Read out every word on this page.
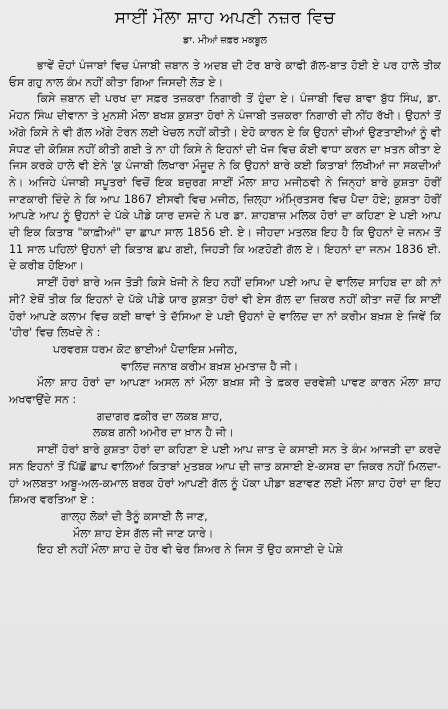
ਸਾਈਂ ਮੌਲਾ ਸ਼ਾਹ ਅਪਣੀ ਨਜ਼ਰ ਵਿਚ
ਡਾ. ਮੀਆਂ ਜ਼ਫ਼ਰ ਮਕਬੂਲ

ਭਾਵੇਂ ਦੋਹਾਂ ਪੰਜਾਬਾਂ ਵਿਚ ਪੰਜਾਬੀ ਜ਼ਬਾਨ ਤੇ ਅਦਬ ਦੀ ਟੋਰ ਬਾਰੇ ਕਾਫੀ ਗੱਲ-ਬਾਤ ਹੋਈ ਏ ਪਰ ਹਾਲੇ ਤੀਕ ਓਸ ਗਹੁ ਨਾਲ ਕੰਮ ਨਹੀਂ ਕੀਤਾ ਗਿਆ ਜਿਸਦੀ ਲੋੜ ਏ।

ਕਿਸੇ ਜ਼ਬਾਨ ਦੀ ਪਰਖ ਦਾ ਸਫ਼ਰ ਤਜ਼ਕਰਾ ਨਿਗਾਰੀ ਤੋਂ ਹੁੰਦਾ ਏ। ਪੰਜਾਬੀ ਵਿਚ ਬਾਵਾ ਬੁੱਧ ਸਿੰਘ, ਡਾ. ਮੋਹਨ ਸਿੰਘ ਦੀਵਾਨਾ ਤੇ ਮੁਨਸ਼ੀ ਮੌਲਾ ਬਖਸ਼ ਕੁਸ਼ਤਾ ਹੋਰਾਂ ਨੇ ਪੰਜਾਬੀ ਤਜ਼ਕਰਾ ਨਿਗਾਰੀ ਦੀ ਨੀਂਹ ਰੱਖੀ। ਉਹਨਾਂ ਤੋਂ ਅੱਗੇ ਕਿਸੇ ਨੇ ਵੀ ਗੱਲ ਅੱਗੇ ਟੋਰਨ ਲਈ ਖੇਚਲ ਨਹੀਂ ਕੀਤੀ। ਏਹੋ ਕਾਰਨ ਏ ਕਿ ਉਹਨਾਂ ਦੀਆਂ ਉਣਤਾਈਆਂ ਨੂੰ ਵੀ ਸੋਧਣ ਦੀ ਕੋਸ਼ਿਸ਼ ਨਹੀਂ ਕੀਤੀ ਗਈ ਤੇ ਨਾ ਹੀ ਕਿਸੇ ਨੇ ਇਹਨਾਂ ਦੀ ਖੋਜ ਵਿਚ ਕੋਈ ਵਾਧਾ ਕਰਨ ਦਾ ਖ਼ਤਨ ਕੀਤਾ ਏ ਜਿਸ ਕਰਕੇ ਹਾਲੇ ਵੀ ਏਨੇ 'ਕੁ ਪੰਜਾਬੀ ਲਿਖਾਰਾ ਮੌਜੂਦ ਨੇ ਕਿ ਉਹਨਾਂ ਬਾਰੇ ਕਈ ਕਿਤਾਬਾਂ ਲਿਖੀਆਂ ਜਾ ਸਕਦੀਆਂ ਨੇ। ਅਜਿਹੇ ਪੰਜਾਬੀ ਸਪੂਤਰਾਂ ਵਿਚੋਂ ਇਕ ਬਜ਼ੁਰਗ ਸਾਈਂ ਮੌਲਾ ਸ਼ਾਹ ਮਜੀਠਵੀ ਨੇ ਜਿਨ੍ਹਾਂ ਬਾਰੇ ਕੁਸ਼ਤਾ ਹੋਰੀਂ ਜਾਣਕਾਰੀ ਦਿੰਦੇ ਨੇ ਕਿ ਆਪ 1867 ਈਸਵੀ ਵਿਚ ਮਜੀਠ, ਜ਼ਿਲ੍ਹਾ ਅੰਮ੍ਰਿਤਸਰ ਵਿਚ ਪੈਦਾ ਹੋਏ; ਕੁਸ਼ਤਾ ਹੋਰੀਂ ਆਪਣੇ ਆਪ ਨੂੰ ਉਹਨਾਂ ਦੇ ਪੱਕੇ ਪੀਡੇ ਯਾਰ ਦਸਦੇ ਨੇ ਪਰ ਡਾ. ਸ਼ਾਹਬਾਜ਼ ਮਲਿਕ ਹੋਰਾਂ ਦਾ ਕਹਿਣਾ ਏ ਪਈ ਆਪ ਦੀ ਇਕ ਕਿਤਾਬ "ਕਾਫ਼ੀਆਂ" ਦਾ ਛਾਪਾ ਸਾਲ 1856 ਈ. ਏ। ਜੀਹਦਾ ਮਤਲਬ ਇਹ ਹੈ ਕਿ ਉਹਨਾਂ ਦੇ ਜਨਮ ਤੋਂ 11 ਸਾਲ ਪਹਿਲਾਂ ਉਹਨਾਂ ਦੀ ਕਿਤਾਬ ਛਪ ਗਈ, ਜਿਹੜੀ ਕਿ ਅਣਹੋਣੀ ਗੱਲ ਏ। ਇਹਨਾਂ ਦਾ ਜਨਮ 1836 ਈ. ਦੇ ਕਰੀਬ ਹੋਇਆ।

ਸਾਈਂ ਹੋਰਾਂ ਬਾਰੇ ਅਜ ਤੋੜੀ ਕਿਸੇ ਖੋਜੀ ਨੇ ਇਹ ਨਹੀਂ ਦਸਿਆ ਪਈ ਆਪ ਦੇ ਵਾਲਿਦ ਸਾਹਿਬ ਦਾ ਕੀ ਨਾਂ ਸੀ? ਏਥੋਂ ਤੀਕ ਕਿ ਇਹਨਾਂ ਦੇ ਪੱਕੇ ਪੀਡੇ ਯਾਰ ਕੁਸ਼ਤਾ ਹੋਰਾਂ ਵੀ ਏਸ ਗੱਲ ਦਾ ਜ਼ਿਕਰ ਨਹੀਂ ਕੀਤਾ ਜਦੋਂ ਕਿ ਸਾਈਂ ਹੋਰਾਂ ਆਪਣੇ ਕਲਾਮ ਵਿਚ ਕਈ ਥਾਵਾਂ ਤੇ ਦੱਸਿਆ ਏ ਪਈ ਉਹਨਾਂ ਦੇ ਵਾਲਿਦ ਦਾ ਨਾਂ ਕਰੀਮ ਬਖ਼ਸ਼ ਏ ਜਿਵੇਂ ਕਿ 'ਹੀਰ' ਵਿਚ ਲਿਖਦੇ ਨੇ :

ਪਰਵਰਸ਼ ਧਰਮ ਕੋਟ ਭਾਈਆਂ ਪੈਦਾਇਸ਼ ਮਜੀਠ,
ਵਾਲਿਦ ਜਨਾਬ ਕਰੀਮ ਬਖ਼ਸ਼ ਮੁਮਤਾਜ਼ ਹੈ ਜੀ।

ਮੌਲਾ ਸ਼ਾਹ ਹੋਰਾਂ ਦਾ ਆਪਣਾ ਅਸਲ ਨਾਂ ਮੌਲਾ ਬਖ਼ਸ਼ ਸੀ ਤੇ ਫ਼ਕਰ ਦਰਵੇਸ਼ੀ ਪਾਵਣ ਕਾਰਨ ਮੌਲਾ ਸ਼ਾਹ ਅਖਵਾਉਂਦੇ ਸਨ :

ਗਦਾਗਰ ਫ਼ਕੀਰ ਦਾ ਲਕਬ ਸ਼ਾਹ,
ਲਕਬ ਗਨੀ ਅਮੀਰ ਦਾ ਖ਼ਾਨ ਹੈ ਜੀ।

ਸਾਈਂ ਹੋਰਾਂ ਬਾਰੇ ਕੁਸ਼ਤਾ ਹੋਰਾਂ ਦਾ ਕਹਿਣਾ ਏ ਪਈ ਆਪ ਜ਼ਾਤ ਦੇ ਕਸਾਈ ਸਨ ਤੇ ਕੰਮ ਆਜੜੀ ਦਾ ਕਰਦੇ ਸਨ ਇਹਨਾਂ ਤੋਂ ਪਿੱਛੋਂ ਛਾਪ ਵਾਲਿਆਂ ਕਿਤਾਬਾਂ ਮੁਤਬਕ ਆਪ ਦੀ ਜ਼ਾਤ ਕਸਾਈ ਏ-ਕਸਬ ਦਾ ਜ਼ਿਕਰ ਨਹੀਂ ਮਿਲਦਾ-ਹਾਂ ਅਲਬਤਾ ਅਬੂ-ਅਲ-ਕਮਾਲ ਬਰਕ ਹੋਰਾਂ ਆਪਣੀ ਗੱਲ ਨੂੰ ਪੱਕਾ ਪੀਡਾ ਬਣਾਵਣ ਲਈ ਮੌਲਾ ਸ਼ਾਹ ਹੋਰਾਂ ਦਾ ਇਹ ਸ਼ਿਅਰ ਵਰਤਿਆ ਏ :

ਗਾਲ੍ਹ ਲੋਕਾਂ ਦੀ ਤੈਨੂੰ ਕਸਾਈ ਲੈ ਜਾਣ,
ਮੌਲਾ ਸ਼ਾਹ ਏਸ ਗੱਲ ਜੀ ਜਾਣ ਯਾਰੇ।

ਇਹ ਈ ਨਹੀਂ ਮੌਲਾ ਸ਼ਾਹ ਦੇ ਹੋਰ ਵੀ ਢੇਰ ਸ਼ਿਅਰ ਨੇ ਜਿਸ ਤੋਂ ਉਹ ਕਸਾਈ ਦੇ ਪੇਸ਼ੇ
